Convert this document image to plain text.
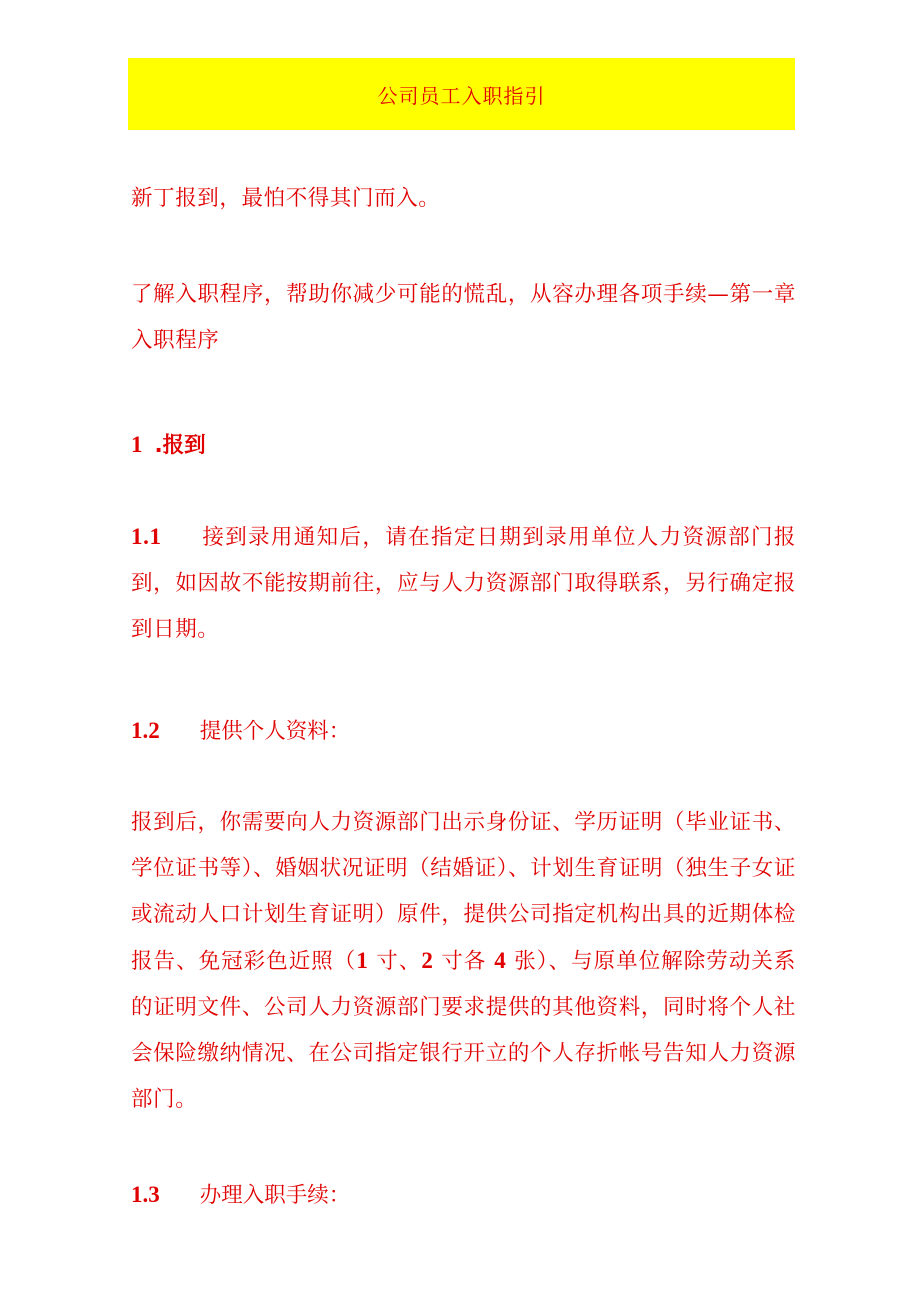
公司员工入职指引

新丁报到，最怕不得其门而入。

了解入职程序，帮助你减少可能的慌乱，从容办理各项手续—第一章入职程序

1 .报到

1.1 接到录用通知后，请在指定日期到录用单位人力资源部门报到，如因故不能按期前往，应与人力资源部门取得联系，另行确定报到日期。

1.2 提供个人资料：

报到后，你需要向人力资源部门出示身份证、学历证明（毕业证书、学位证书等）、婚姻状况证明（结婚证）、计划生育证明（独生子女证或流动人口计划生育证明）原件，提供公司指定机构出具的近期体检报告、免冠彩色近照（1 寸、2 寸各 4 张）、与原单位解除劳动关系的证明文件、公司人力资源部门要求提供的其他资料，同时将个人社会保险缴纳情况、在公司指定银行开立的个人存折帐号告知人力资源部门。

1.3 办理入职手续：
